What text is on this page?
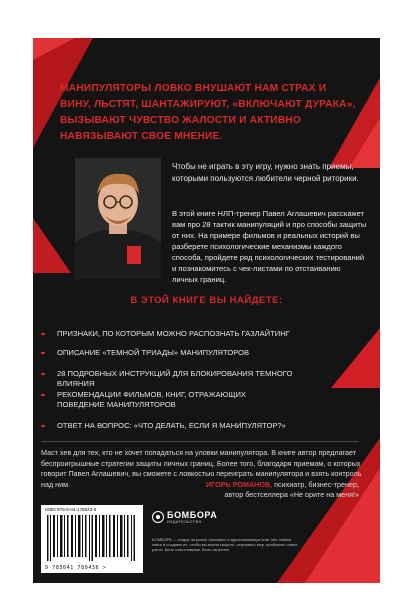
МАНИПУЛЯТОРЫ ЛОВКО ВНУШАЮТ НАМ СТРАХ И ВИНУ, ЛЬСТЯТ, ШАНТАЖИРУЮТ, «ВКЛЮЧАЮТ ДУРАКА», ВЫЗЫВАЮТ ЧУВСТВО ЖАЛОСТИ И АКТИВНО НАВЯЗЫВАЮТ СВОЕ МНЕНИЕ.
Чтобы не играть в эту игру, нужно знать приемы, которыми пользуются любители черной риторики.
В этой книге НЛП-тренер Павел Аглашевич расскажет вам про 28 тактик манипуляций и про способы защиты от них. На примере фильмов и реальных историй вы разберете психологические механизмы каждого способа, пройдете ряд психологических тестирований и познакомитесь с чек-листами по отстаиванию личных границ.
В ЭТОЙ КНИГЕ ВЫ НАЙДЕТЕ:
ПРИЗНАКИ, ПО КОТОРЫМ МОЖНО РАСПОЗНАТЬ ГАЗЛАЙТИНГ
ОПИСАНИЕ «ТЕМНОЙ ТРИАДЫ» МАНИПУЛЯТОРОВ
28 ПОДРОБНЫХ ИНСТРУКЦИЙ ДЛЯ БЛОКИРОВАНИЯ ТЕМНОГО ВЛИЯНИЯ
РЕКОМЕНДАЦИИ ФИЛЬМОВ, КНИГ, ОТРАЖАЮЩИХ ПОВЕДЕНИЕ МАНИПУЛЯТОРОВ
ОТВЕТ НА ВОПРОС: «ЧТО ДЕЛАТЬ, ЕСЛИ Я МАНИПУЛЯТОР?»
Маст хев для тех, кто не хочет попадаться на уловки манипулятора. В книге автор предлагает беспроигрышные стратегии защиты личных границ. Более того, благодаря приемам, о которых говорит Павел Аглашевич, вы сможете с ловкостью переиграть манипулятора и взять контроль над ним.	ИГОРЬ РОМАНОВ, психиатр, бизнес-тренер,
автор бестселлера «Не орите на меня!»
ISBN 978-5-04-178943-6
9 785041 789436 >
БОМБОРА
ИЗДАТЕЛЬСТВО
БОМБОРА — лидер на рынке полезных и вдохновляющих книг. Мы любим книги и создаем их, чтобы вы могли творить, открывать мир, пробовать новое, расти. Быть счастливыми. Быть на волне.
